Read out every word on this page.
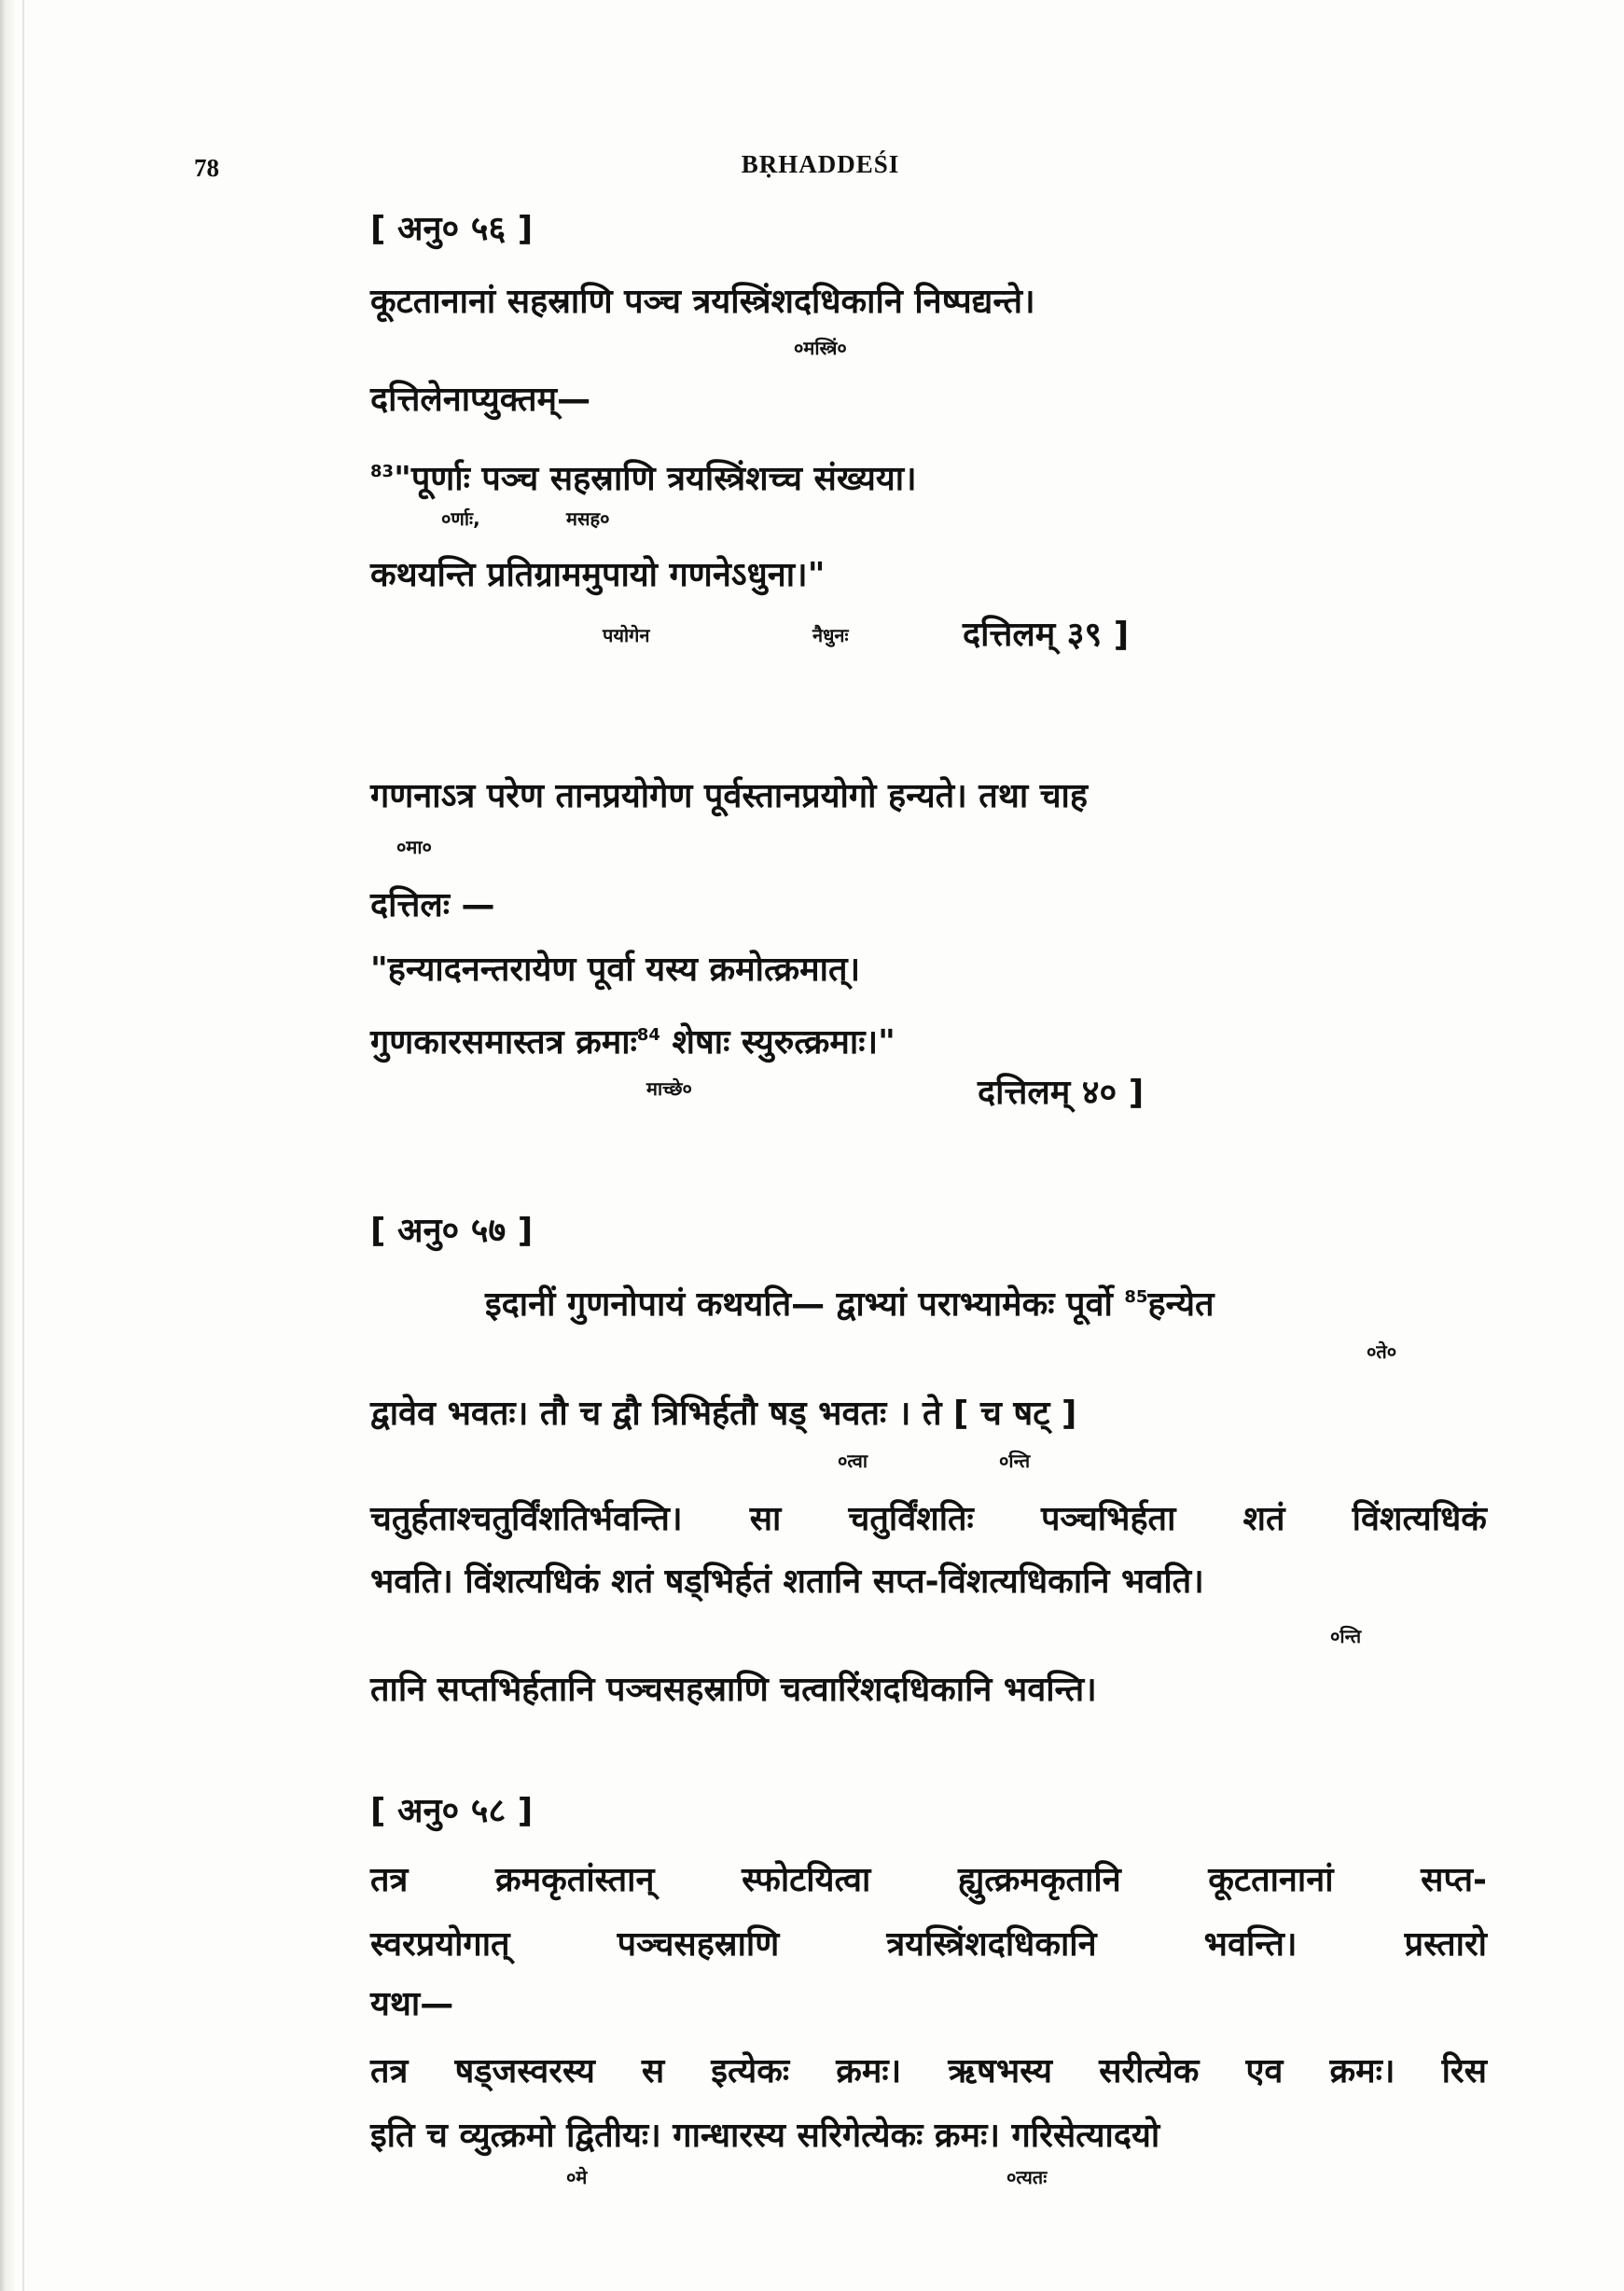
78	BṚHADDEŚI
[ अनु० ५६ ]
कूटतानानां सहस्राणि पञ्च त्रयस्त्रिंशदधिकानि निष्पद्यन्ते।
०मस्त्रिं०
दत्तिलेनाप्युक्तम्—
$^{83}$"पूर्णाः पञ्च सहस्राणि त्रयस्त्रिंशच्च संख्यया।
०र्णाः,	मसह०
कथयन्ति प्रतिग्राममुपायो गणनेऽधुना।"
पयोगेन	नैधुनः	दत्तिलम् ३९ ]
गणनाऽत्र परेण तानप्रयोगेण पूर्वस्तानप्रयोगो हन्यते। तथा चाह
०मा०
दत्तिलः —
"हन्यादनन्तरायेण पूर्वा यस्य क्रमोत्क्रमात्।
गुणकारसमास्तत्र क्रमाः$^{84}$ शेषाः स्युरुत्क्रमाः।"
माच्छे०	दत्तिलम् ४० ]
[ अनु० ५७ ]
इदानीं गुणनोपायं कथयति— द्वाभ्यां पराभ्यामेकः पूर्वो $^{85}$हन्येत
०ते०
द्वावेव भवतः। तौ च द्वौ त्रिभिर्हतौ षड् भवतः । ते [ च षट् ]
०त्वा	०न्ति
चतुर्हताश्चतुर्विंशतिर्भवन्ति। सा चतुर्विंशतिः पञ्चभिर्हता शतं विंशत्यधिकं
भवति। विंशत्यधिकं शतं षड्भिर्हतं शतानि सप्त-विंशत्यधिकानि भवति।
०न्ति
तानि सप्तभिर्हतानि पञ्चसहस्राणि चत्वारिंशदधिकानि भवन्ति।
[ अनु० ५८ ]
तत्र	क्रमकृतांस्तान्	स्फोटयित्वा	ह्युत्क्रमकृतानि	कूटतानानां	सप्त-
स्वरप्रयोगात्	पञ्चसहस्राणि	त्रयस्त्रिंशदधिकानि	भवन्ति।	प्रस्तारो
यथा—
तत्र षड्जस्वरस्य स इत्येकः क्रमः। ऋषभस्य सरीत्येक एव क्रमः। रिस
इति च व्युत्क्रमो द्वितीयः। गान्धारस्य सरिगेत्येकः क्रमः। गरिसेत्यादयो
०मे	०त्यतः
